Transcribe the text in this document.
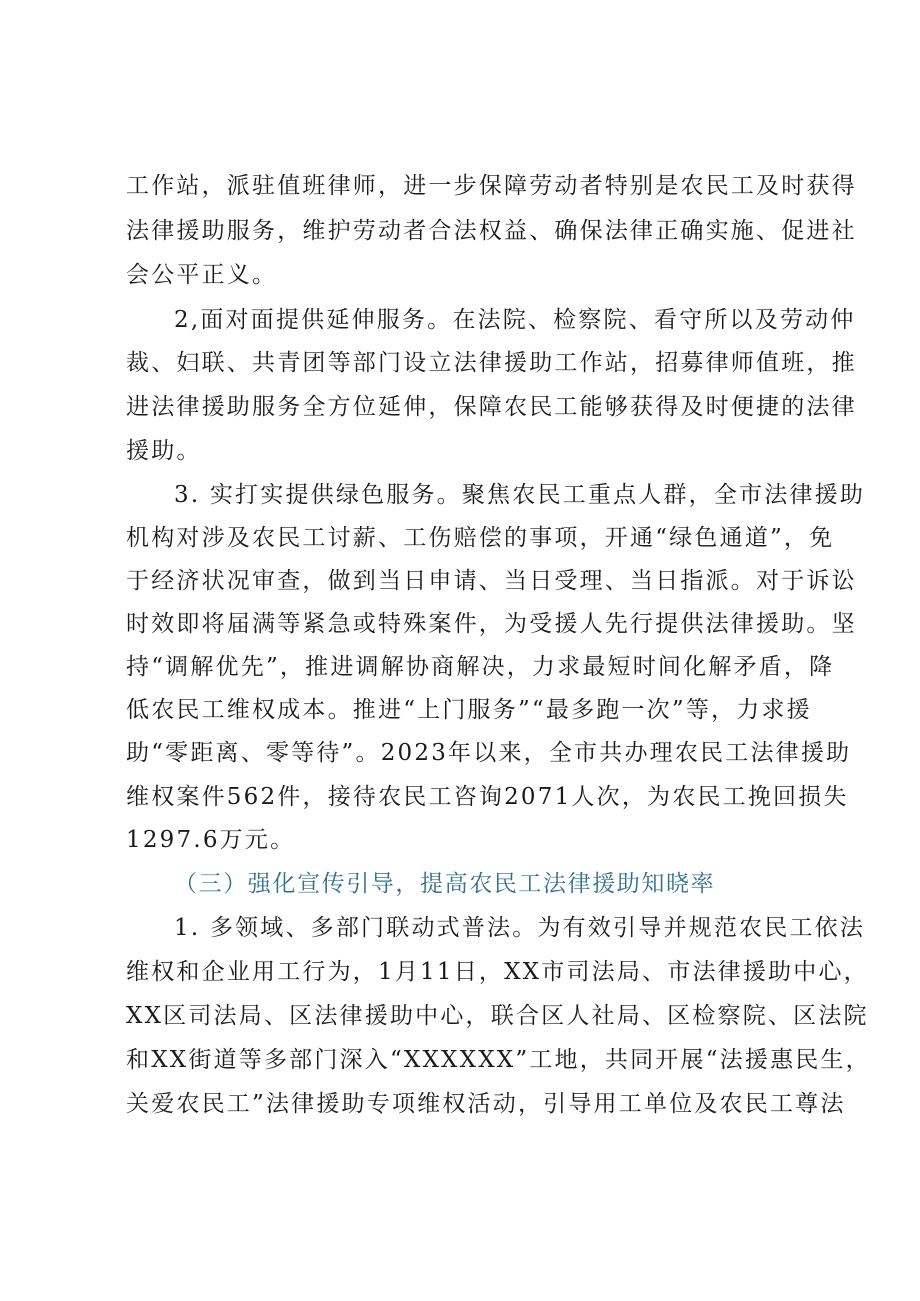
工作站，派驻值班律师，进一步保障劳动者特别是农民工及时获得
法律援助服务，维护劳动者合法权益、确保法律正确实施、促进社
会公平正义。
2,面对面提供延伸服务。在法院、检察院、看守所以及劳动仲
裁、妇联、共青团等部门设立法律援助工作站，招募律师值班，推
进法律援助服务全方位延伸，保障农民工能够获得及时便捷的法律
援助。
3. 实打实提供绿色服务。聚焦农民工重点人群，全市法律援助
机构对涉及农民工讨薪、工伤赔偿的事项，开通“绿色通道”，免
于经济状况审查，做到当日申请、当日受理、当日指派。对于诉讼
时效即将届满等紧急或特殊案件，为受援人先行提供法律援助。坚
持“调解优先”，推进调解协商解决，力求最短时间化解矛盾，降
低农民工维权成本。推进“上门服务”“最多跑一次”等，力求援
助“零距离、零等待”。2023年以来，全市共办理农民工法律援助
维权案件562件，接待农民工咨询2071人次，为农民工挽回损失
1297.6万元。
（三）强化宣传引导，提高农民工法律援助知晓率
1. 多领域、多部门联动式普法。为有效引导并规范农民工依法
维权和企业用工行为，1月11日，XX市司法局、市法律援助中心，
XX区司法局、区法律援助中心，联合区人社局、区检察院、区法院
和XX街道等多部门深入“XXXXXX”工地，共同开展“法援惠民生，
关爱农民工”法律援助专项维权活动，引导用工单位及农民工尊法
